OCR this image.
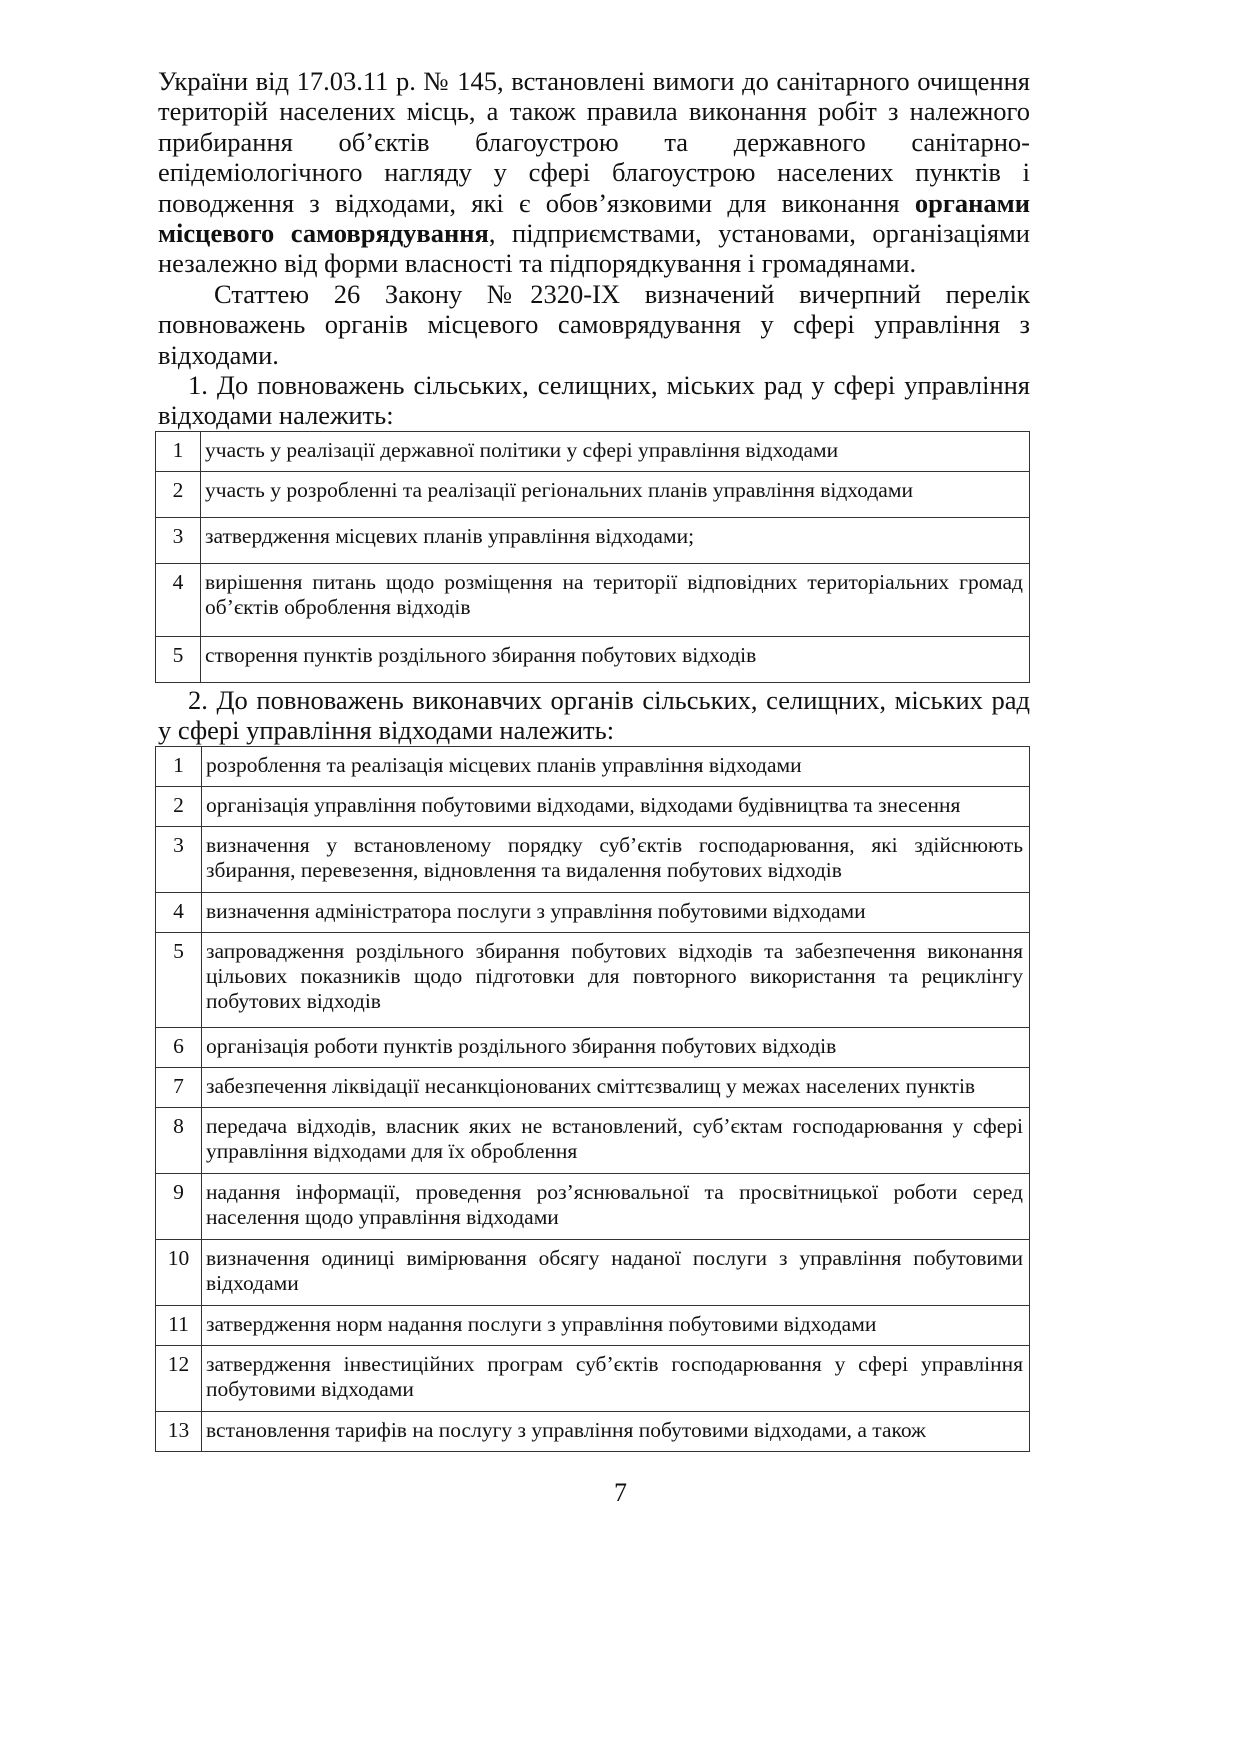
України від 17.03.11 р. № 145, встановлені вимоги до санітарного очищення територій населених місць, а також правила виконання робіт з належного прибирання об’єктів благоустрою та державного санітарно-епідеміологічного нагляду у сфері благоустрою населених пунктів і поводження з відходами, які є обов’язковими для виконання органами місцевого самоврядування, підприємствами, установами, організаціями незалежно від форми власності та підпорядкування і громадянами.

Статтею 26 Закону №2320-IX визначений вичерпний перелік повноважень органів місцевого самоврядування у сфері управління з відходами.

1. До повноважень сільських, селищних, міських рад у сфері управління відходами належить:

1	участь у реалізації державної політики у сфері управління відходами
2	участь у розробленні та реалізації регіональних планів управління відходами
3	затвердження місцевих планів управління відходами;
4	вирішення питань щодо розміщення на території відповідних територіальних громад об’єктів оброблення відходів
5	створення пунктів роздільного збирання побутових відходів

2. До повноважень виконавчих органів сільських, селищних, міських рад у сфері управління відходами належить:

1	розроблення та реалізація місцевих планів управління відходами
2	організація управління побутовими відходами, відходами будівництва та знесення
3	визначення у встановленому порядку суб’єктів господарювання, які здійснюють збирання, перевезення, відновлення та видалення побутових відходів
4	визначення адміністратора послуги з управління побутовими відходами
5	запровадження роздільного збирання побутових відходів та забезпечення виконання цільових показників щодо підготовки для повторного використання та рециклінгу побутових відходів
6	організація роботи пунктів роздільного збирання побутових відходів
7	забезпечення ліквідації несанкціонованих сміттєзвалищ у межах населених пунктів
8	передача відходів, власник яких не встановлений, суб’єктам господарювання у сфері управління відходами для їх оброблення
9	надання інформації, проведення роз’яснювальної та просвітницької роботи серед населення щодо управління відходами
10	визначення одиниці вимірювання обсягу наданої послуги з управління побутовими відходами
11	затвердження норм надання послуги з управління побутовими відходами
12	затвердження інвестиційних програм суб’єктів господарювання у сфері управління побутовими відходами
13	встановлення тарифів на послугу з управління побутовими відходами, а також
7
